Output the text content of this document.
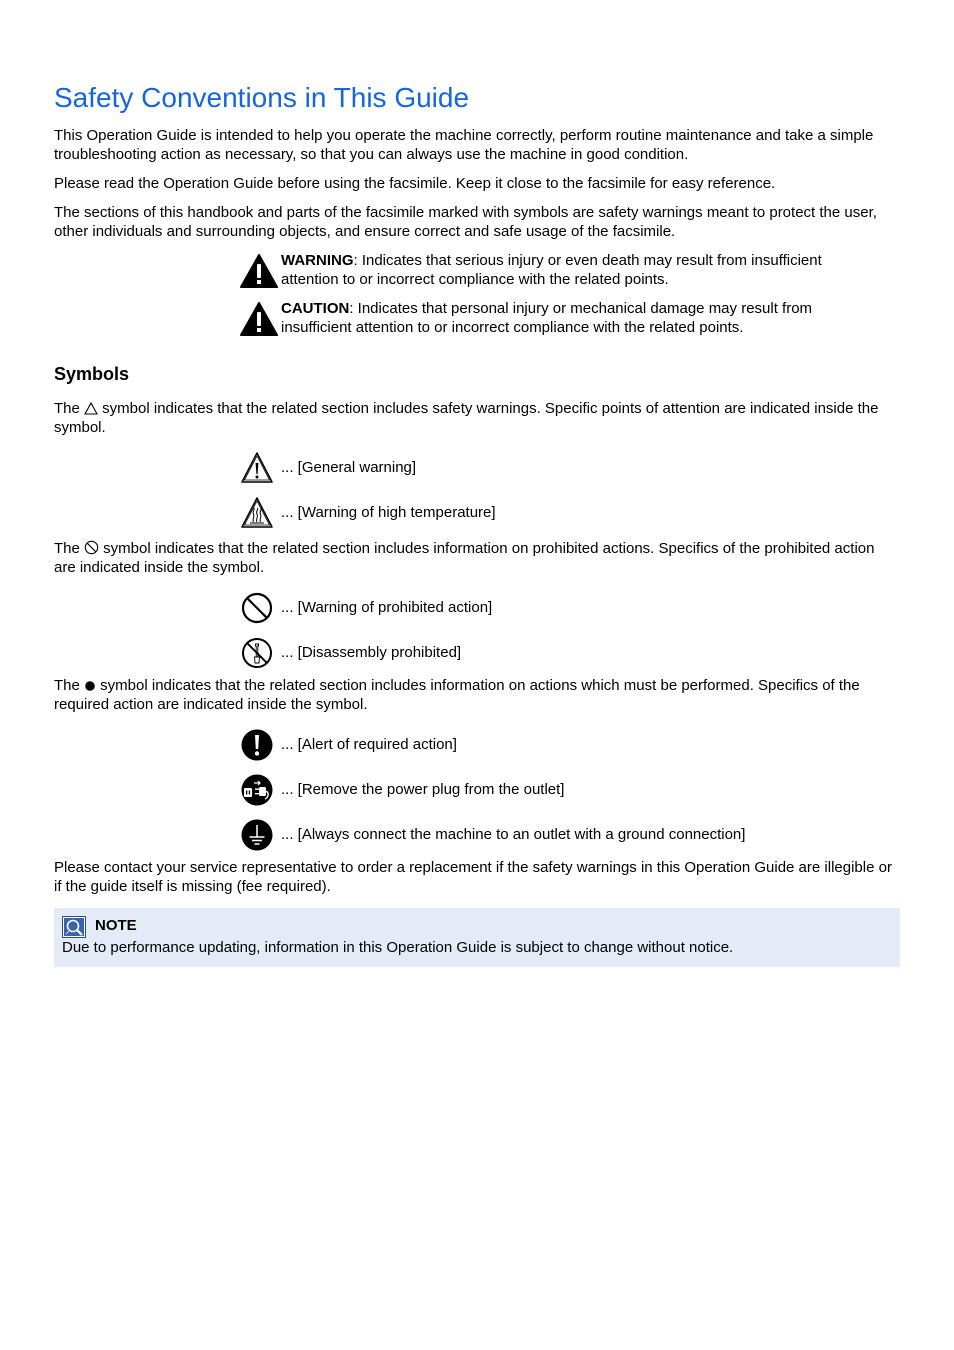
Safety Conventions in This Guide

This Operation Guide is intended to help you operate the machine correctly, perform routine maintenance and take a simple troubleshooting action as necessary, so that you can always use the machine in good condition.

Please read the Operation Guide before using the facsimile. Keep it close to the facsimile for easy reference.

The sections of this handbook and parts of the facsimile marked with symbols are safety warnings meant to protect the user, other individuals and surrounding objects, and ensure correct and safe usage of the facsimile.

WARNING: Indicates that serious injury or even death may result from insufficient attention to or incorrect compliance with the related points.
CAUTION: Indicates that personal injury or mechanical damage may result from insufficient attention to or incorrect compliance with the related points.
Symbols

The  symbol indicates that the related section includes safety warnings. Specific points of attention are indicated inside the symbol.

... [General warning]
... [Warning of high temperature]

The  symbol indicates that the related section includes information on prohibited actions. Specifics of the prohibited action are indicated inside the symbol.

... [Warning of prohibited action]
... [Disassembly prohibited]

The  symbol indicates that the related section includes information on actions which must be performed. Specifics of the required action are indicated inside the symbol.

... [Alert of required action]
... [Remove the power plug from the outlet]
... [Always connect the machine to an outlet with a ground connection]

Please contact your service representative to order a replacement if the safety warnings in this Operation Guide are illegible or if the guide itself is missing (fee required).

NOTE
Due to performance updating, information in this Operation Guide is subject to change without notice.
